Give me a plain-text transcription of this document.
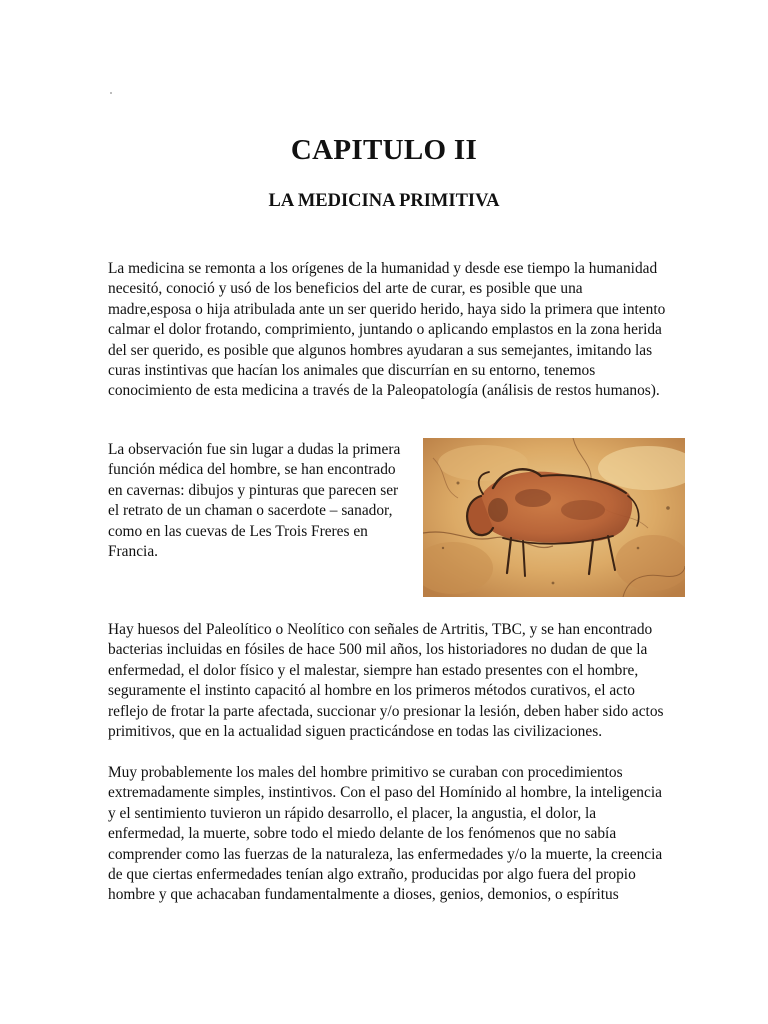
CAPITULO II
LA MEDICINA PRIMITIVA

La medicina se remonta a los orígenes de la humanidad y desde ese tiempo la humanidad necesitó, conoció y usó de los beneficios del arte de curar, es posible que una madre,esposa o hija atribulada ante un ser querido herido, haya sido la primera que intento calmar el dolor frotando, comprimiento, juntando o aplicando emplastos en la zona herida del ser querido, es posible que algunos hombres ayudaran a sus semejantes, imitando las curas instintivas que hacían los animales que discurrían en su entorno, tenemos conocimiento de esta medicina a través de la Paleopatología (análisis de restos humanos).

La observación fue sin lugar a dudas la primera función médica del hombre, se han encontrado en cavernas: dibujos y pinturas que parecen ser el retrato de un chaman o sacerdote – sanador, como en las cuevas de Les Trois Freres en Francia.

Hay huesos del Paleolítico o Neolítico con señales de Artritis, TBC, y se han encontrado bacterias incluidas en fósiles de hace 500 mil años, los historiadores no dudan de que la enfermedad, el dolor físico y el malestar, siempre han estado presentes con el hombre, seguramente el instinto capacitó al hombre en los primeros métodos curativos, el acto reflejo de frotar la parte afectada, succionar y/o presionar la lesión, deben haber sido actos primitivos, que en la actualidad siguen practicándose en todas las civilizaciones.

Muy probablemente los males del hombre primitivo se curaban con procedimientos extremadamente simples, instintivos. Con el paso del Homínido al hombre, la inteligencia y el sentimiento tuvieron un rápido desarrollo, el placer, la angustia, el dolor, la enfermedad, la muerte, sobre todo el miedo delante de los fenómenos que no sabía comprender como las fuerzas de la naturaleza, las enfermedades y/o la muerte, la creencia de que ciertas enfermedades tenían algo extraño, producidas por algo fuera del propio hombre y que achacaban fundamentalmente a dioses, genios, demonios, o espíritus
